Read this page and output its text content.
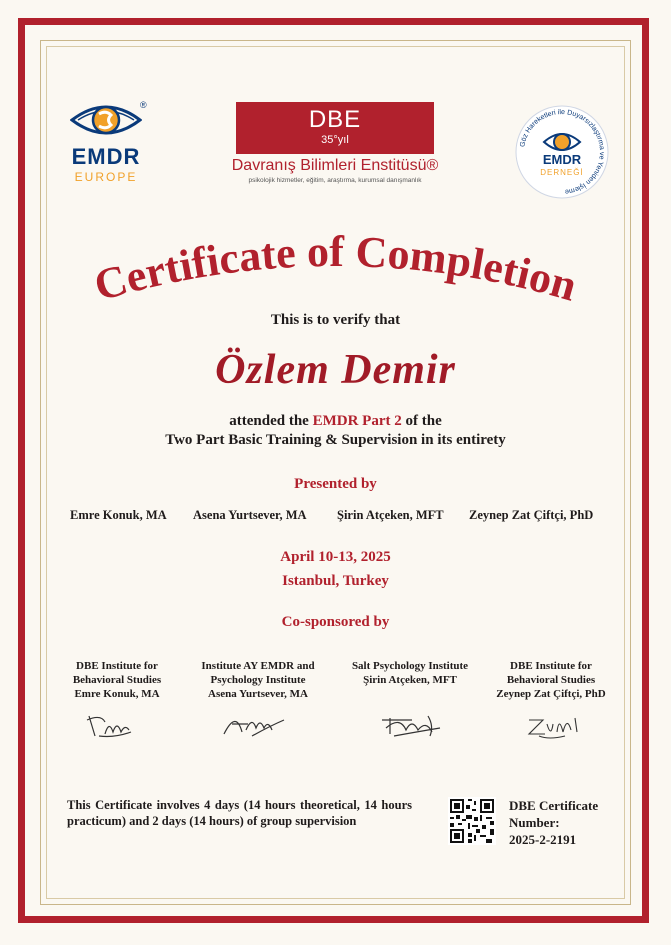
®
EMDR
EUROPE
DBE
35°yıl
Davranış Bilimleri Enstitüsü®
psikolojik hizmetler, eğitim, araştırma, kurumsal danışmanlık
Göz Hareketleri ile Duyarsızlaştırma ve Yeniden İşleme
EMDR
DERNEĞİ
Certificate of Completion
This is to verify that
Özlem Demir
attended the EMDR Part 2 of the
Two Part Basic Training & Supervision in its entirety
Presented by
Emre Konuk, MA Asena Yurtsever, MA Şirin Atçeken, MFT Zeynep Zat Çiftçi, PhD
April 10-13, 2025
Istanbul, Turkey
Co-sponsored by
DBE Institute for
Behavioral Studies
Emre Konuk, MA
Institute AY EMDR and
Psychology Institute
Asena Yurtsever, MA
Salt Psychology Institute
Şirin Atçeken, MFT
DBE Institute for
Behavioral Studies
Zeynep Zat Çiftçi, PhD
This Certificate involves 4 days (14 hours theoretical, 14 hours practicum) and 2 days (14 hours) of group supervision
DBE Certificate
Number:
2025-2-2191
